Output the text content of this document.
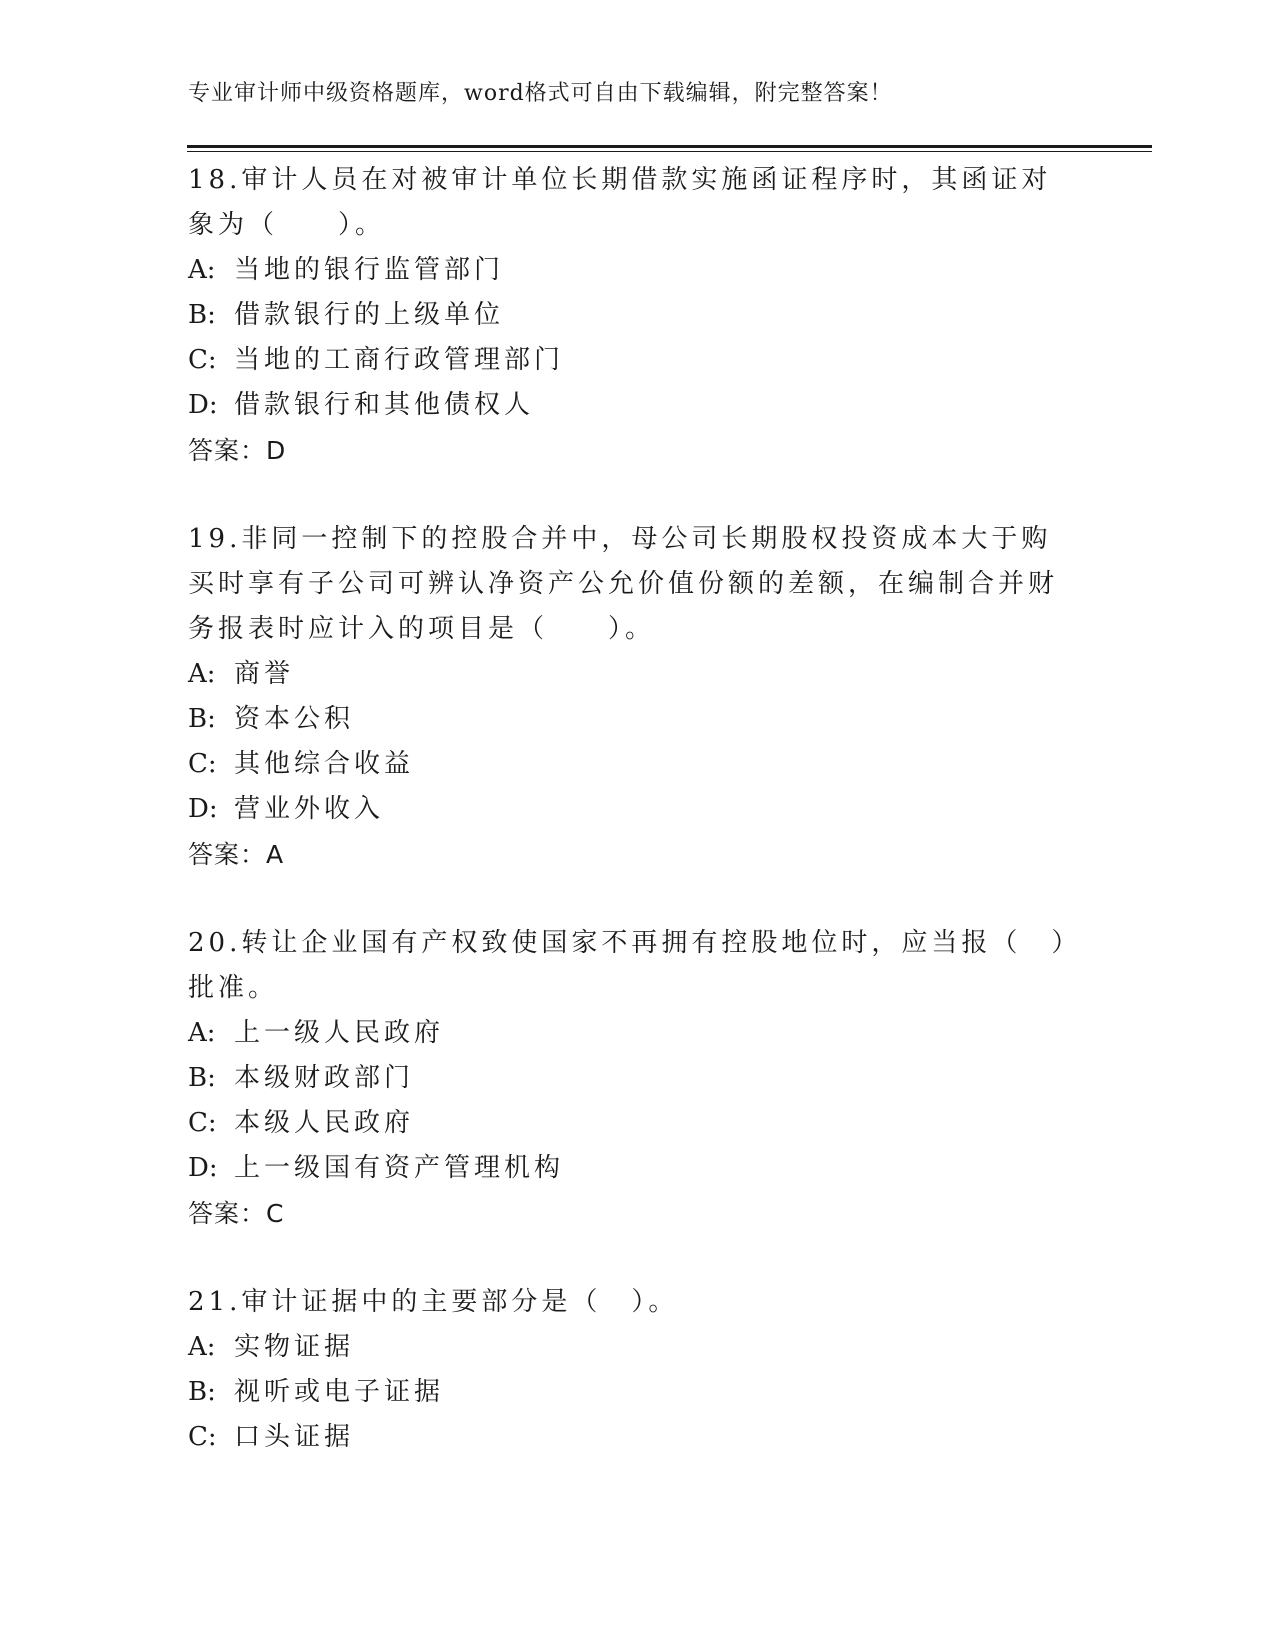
专业审计师中级资格题库，word格式可自由下载编辑，附完整答案！
18.审计人员在对被审计单位长期借款实施函证程序时，其函证对象为（　　）。
A: 当地的银行监管部门
B: 借款银行的上级单位
C: 当地的工商行政管理部门
D: 借款银行和其他债权人
答案：D
19.非同一控制下的控股合并中，母公司长期股权投资成本大于购买时享有子公司可辨认净资产公允价值份额的差额，在编制合并财务报表时应计入的项目是（　　）。
A: 商誉
B: 资本公积
C: 其他综合收益
D: 营业外收入
答案：A
20.转让企业国有产权致使国家不再拥有控股地位时，应当报（　）批准。
A: 上一级人民政府
B: 本级财政部门
C: 本级人民政府
D: 上一级国有资产管理机构
答案：C
21.审计证据中的主要部分是（　）。
A: 实物证据
B: 视听或电子证据
C: 口头证据
